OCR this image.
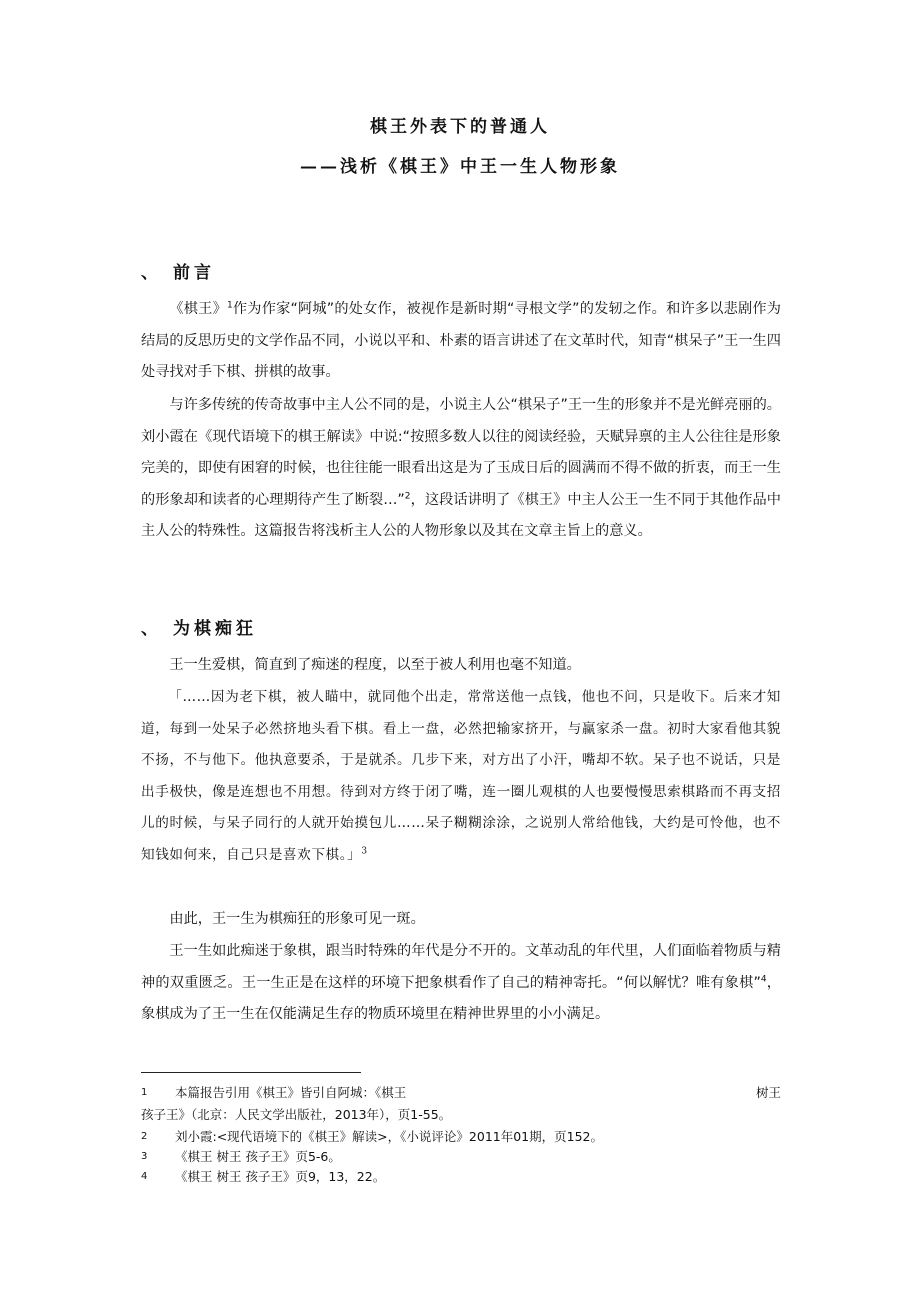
棋王外表下的普通人
——浅析《棋王》中王一生人物形象
、 前言

《棋王》$^1$作为作家“阿城”的处女作，被视作是新时期“寻根文学”的发轫之作。和许多以悲剧作为结局的反思历史的文学作品不同，小说以平和、朴素的语言讲述了在文革时代，知青“棋呆子”王一生四处寻找对手下棋、拼棋的故事。

与许多传统的传奇故事中主人公不同的是，小说主人公“棋呆子”王一生的形象并不是光鲜亮丽的。刘小霞在《现代语境下的棋王解读》中说:“按照多数人以往的阅读经验，天赋异禀的主人公往往是形象完美的，即使有困窘的时候，也往往能一眼看出这是为了玉成日后的圆满而不得不做的折衷，而王一生的形象却和读者的心理期待产生了断裂…”$^2$，这段话讲明了《棋王》中主人公王一生不同于其他作品中主人公的特殊性。这篇报告将浅析主人公的人物形象以及其在文章主旨上的意义。

、 为棋痴狂

王一生爱棋，简直到了痴迷的程度，以至于被人利用也毫不知道。

「……因为老下棋，被人瞄中，就同他个出走，常常送他一点钱，他也不问，只是收下。后来才知道，每到一处呆子必然挤地头看下棋。看上一盘，必然把输家挤开，与赢家杀一盘。初时大家看他其貌不扬，不与他下。他执意要杀，于是就杀。几步下来，对方出了小汗，嘴却不软。呆子也不说话，只是出手极快，像是连想也不用想。待到对方终于闭了嘴，连一圈儿观棋的人也要慢慢思索棋路而不再支招儿的时候，与呆子同行的人就开始摸包儿……呆子糊糊涂涂，之说别人常给他钱，大约是可怜他，也不知钱如何来，自己只是喜欢下棋。」$^3$

由此，王一生为棋痴狂的形象可见一斑。

王一生如此痴迷于象棋，跟当时特殊的年代是分不开的。文革动乱的年代里，人们面临着物质与精神的双重匮乏。王一生正是在这样的环境下把象棋看作了自己的精神寄托。“何以解忧？唯有象棋”$^4$，象棋成为了王一生在仅能满足生存的物质环境里在精神世界里的小小满足。

1 本篇报告引用《棋王》皆引自阿城：《棋王	树王
孩子王》（北京：人民文学出版社，2013年），页1-55。
2 刘小霞:<现代语境下的《棋王》解读>，《小说评论》2011年01期，页152。
3 《棋王 树王 孩子王》页5-6。
4 《棋王 树王 孩子王》页9，13，22。
